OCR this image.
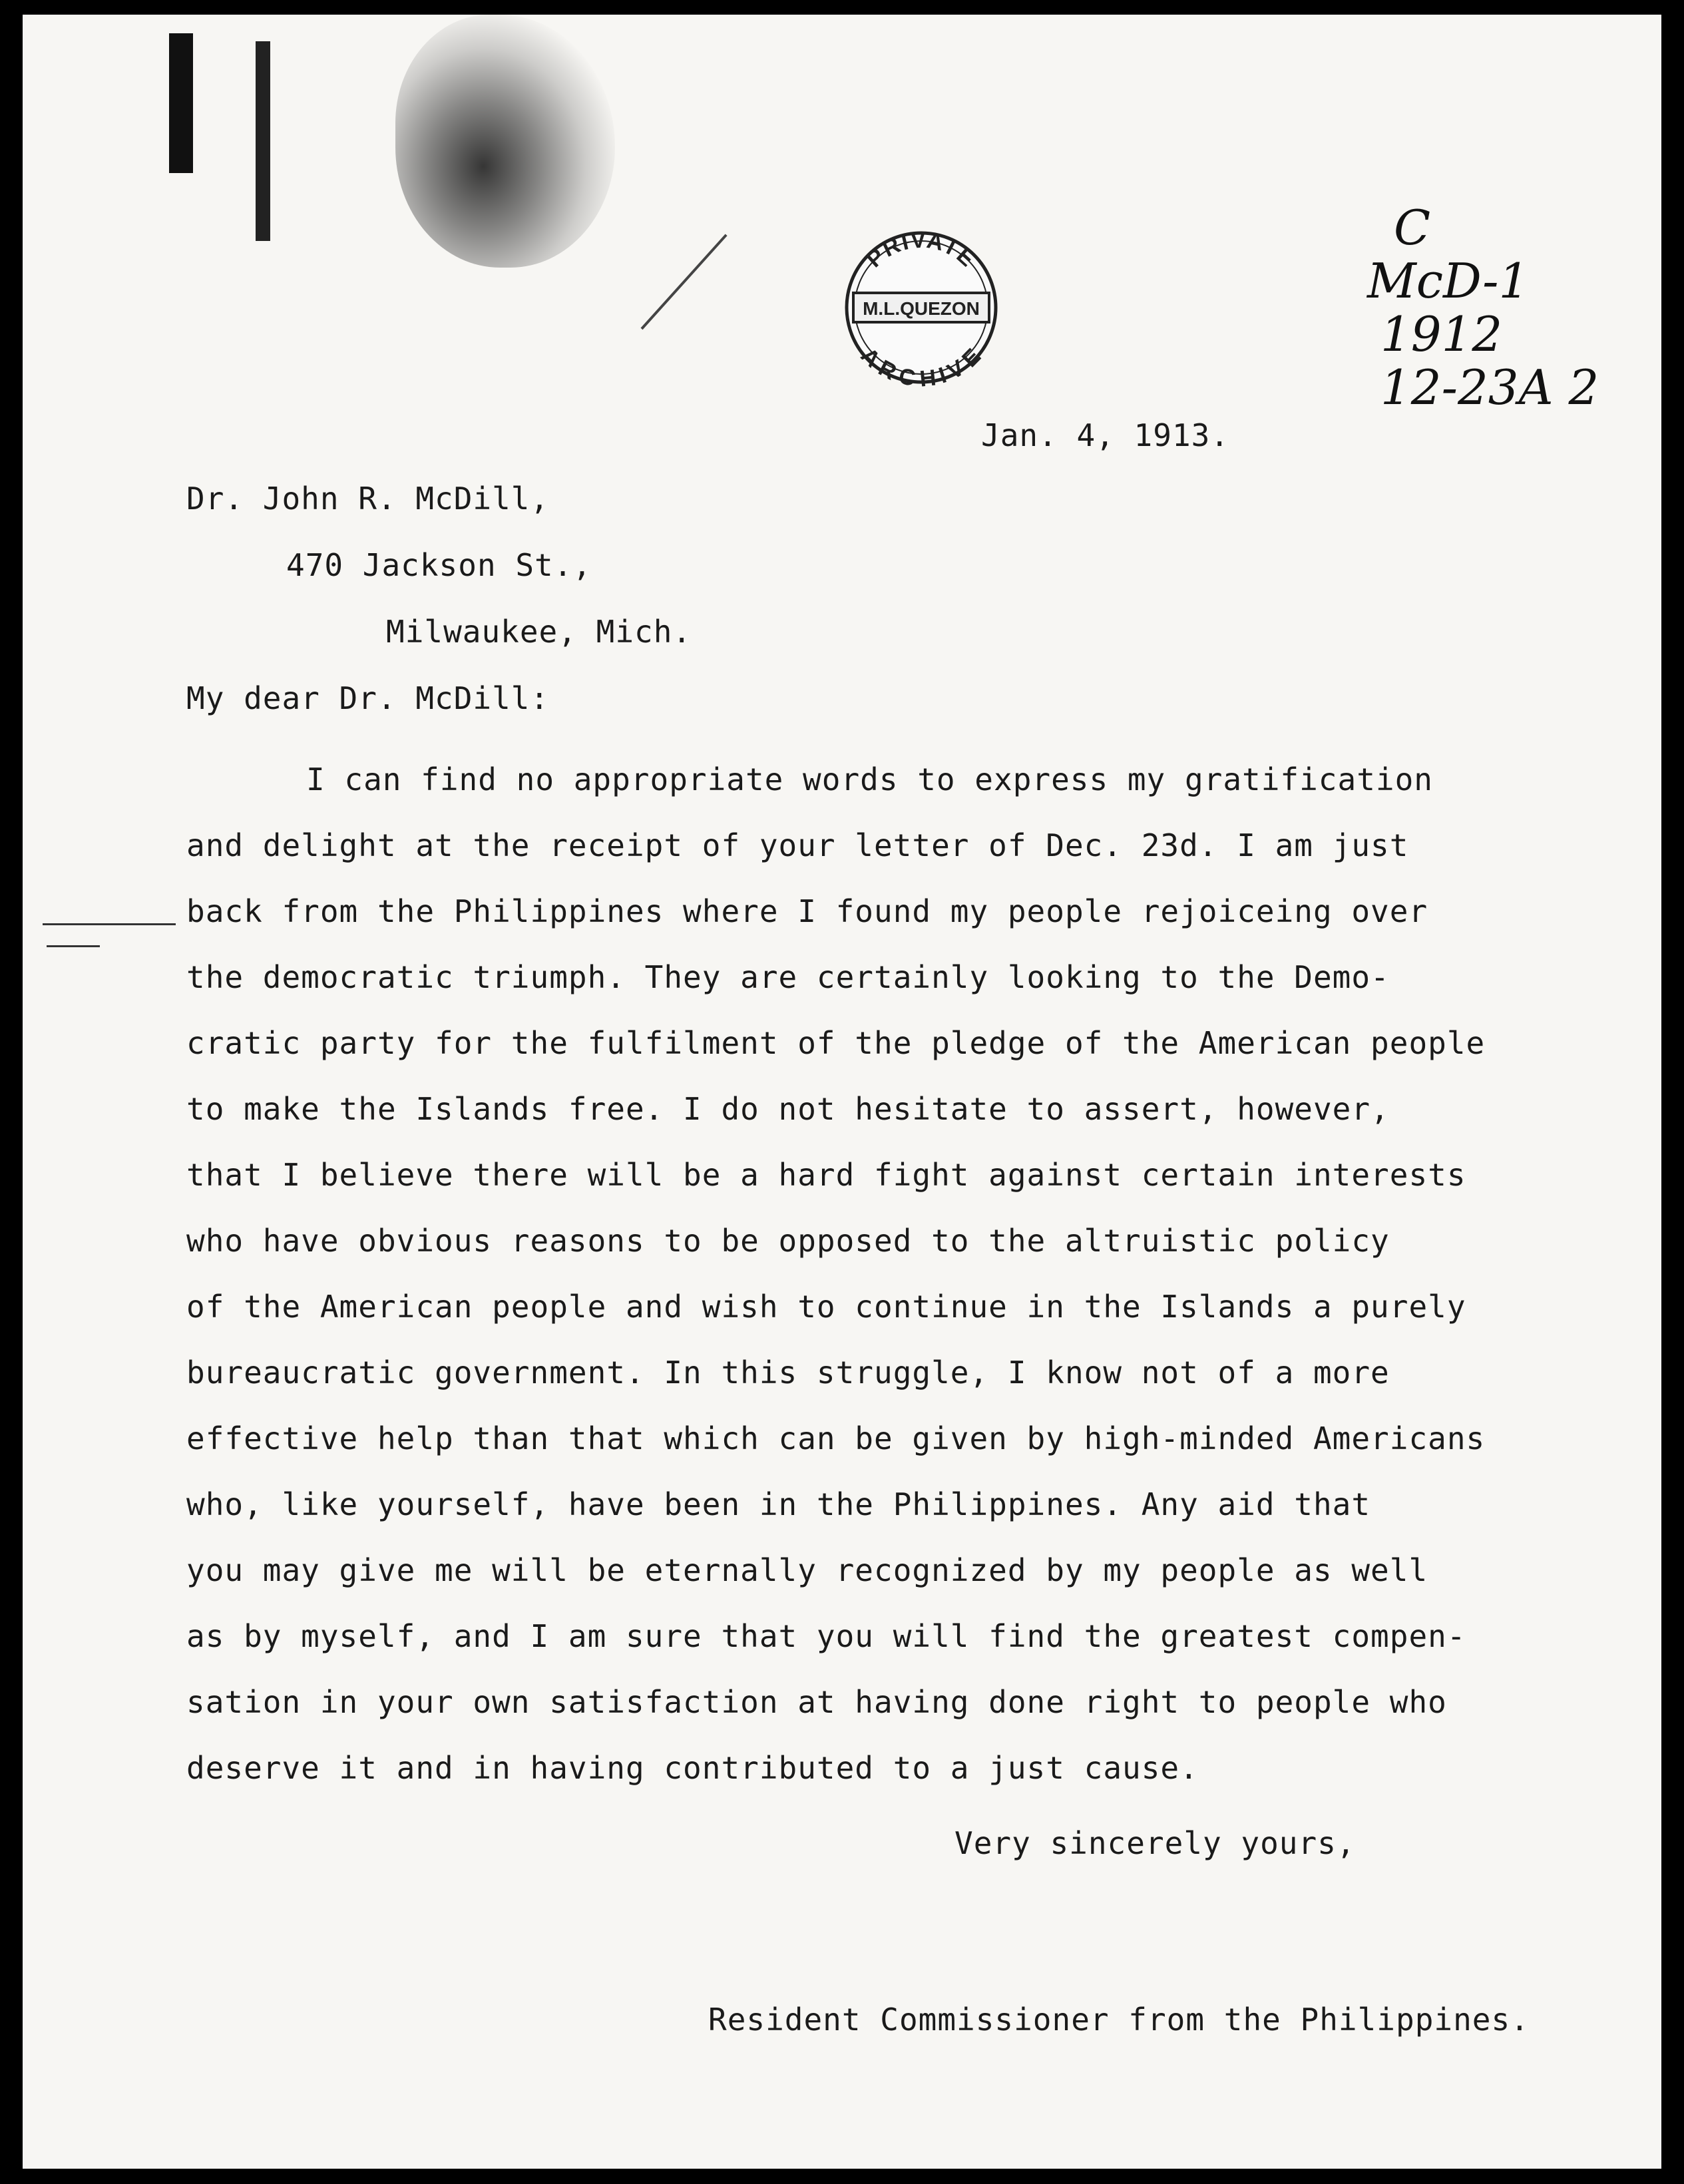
PRIVATE
M.L.QUEZON
ARCHIVE
C
McD-1
1912
12-23A 2
Jan. 4, 1913.
Dr. John R. McDill,
470 Jackson St.,
Milwaukee, Mich.
My dear Dr. McDill:
I can find no appropriate words to express my gratification
and delight at the receipt of your letter of Dec. 23d. I am just
back from the Philippines where I found my people rejoiceing over
the democratic triumph. They are certainly looking to the Demo-
cratic party for the fulfilment of the pledge of the American people
to make the Islands free. I do not hesitate to assert, however,
that I believe there will be a hard fight against certain interests
who have obvious reasons to be opposed to the altruistic policy
of the American people and wish to continue in the Islands a purely
bureaucratic government. In this struggle, I know not of a more
effective help than that which can be given by high-minded Americans
who, like yourself, have been in the Philippines. Any aid that
you may give me will be eternally recognized by my people as well
as by myself, and I am sure that you will find the greatest compen-
sation in your own satisfaction at having done right to people who
deserve it and in having contributed to a just cause.
Very sincerely yours,
Resident Commissioner from the Philippines.
